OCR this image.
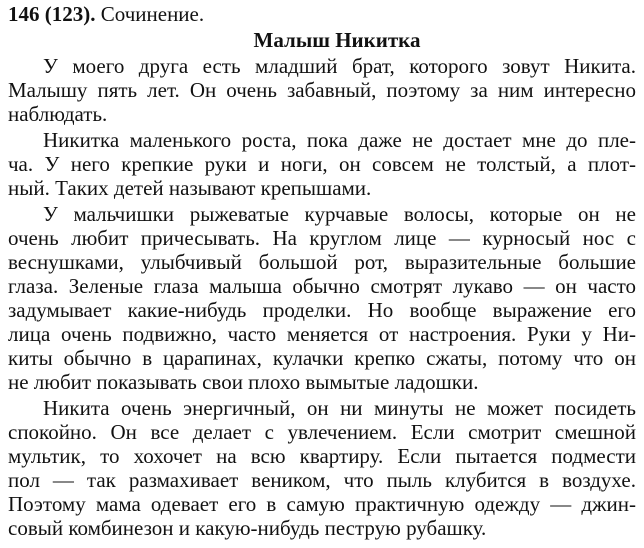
146 (123). Сочинение.

Малыш Никитка
У моего друга есть младший брат, которого зовут Никита.
Малышу пять лет. Он очень забавный, поэтому за ним интересно
наблюдать.
Никитка маленького роста, пока даже не достает мне до пле-
ча. У него крепкие руки и ноги, он совсем не толстый, а плот-
ный. Таких детей называют крепышами.
У мальчишки рыжеватые курчавые волосы, которые он не
очень любит причесывать. На круглом лице — курносый нос с
веснушками, улыбчивый большой рот, выразительные большие
глаза. Зеленые глаза малыша обычно смотрят лукаво — он часто
задумывает какие-нибудь проделки. Но вообще выражение его
лица очень подвижно, часто меняется от настроения. Руки у Ни-
киты обычно в царапинах, кулачки крепко сжаты, потому что он
не любит показывать свои плохо вымытые ладошки.
Никита очень энергичный, он ни минуты не может посидеть
спокойно. Он все делает с увлечением. Если смотрит смешной
мультик, то хохочет на всю квартиру. Если пытается подмести
пол — так размахивает веником, что пыль клубится в воздухе.
Поэтому мама одевает его в самую практичную одежду — джин-
совый комбинезон и какую-нибудь пеструю рубашку.
